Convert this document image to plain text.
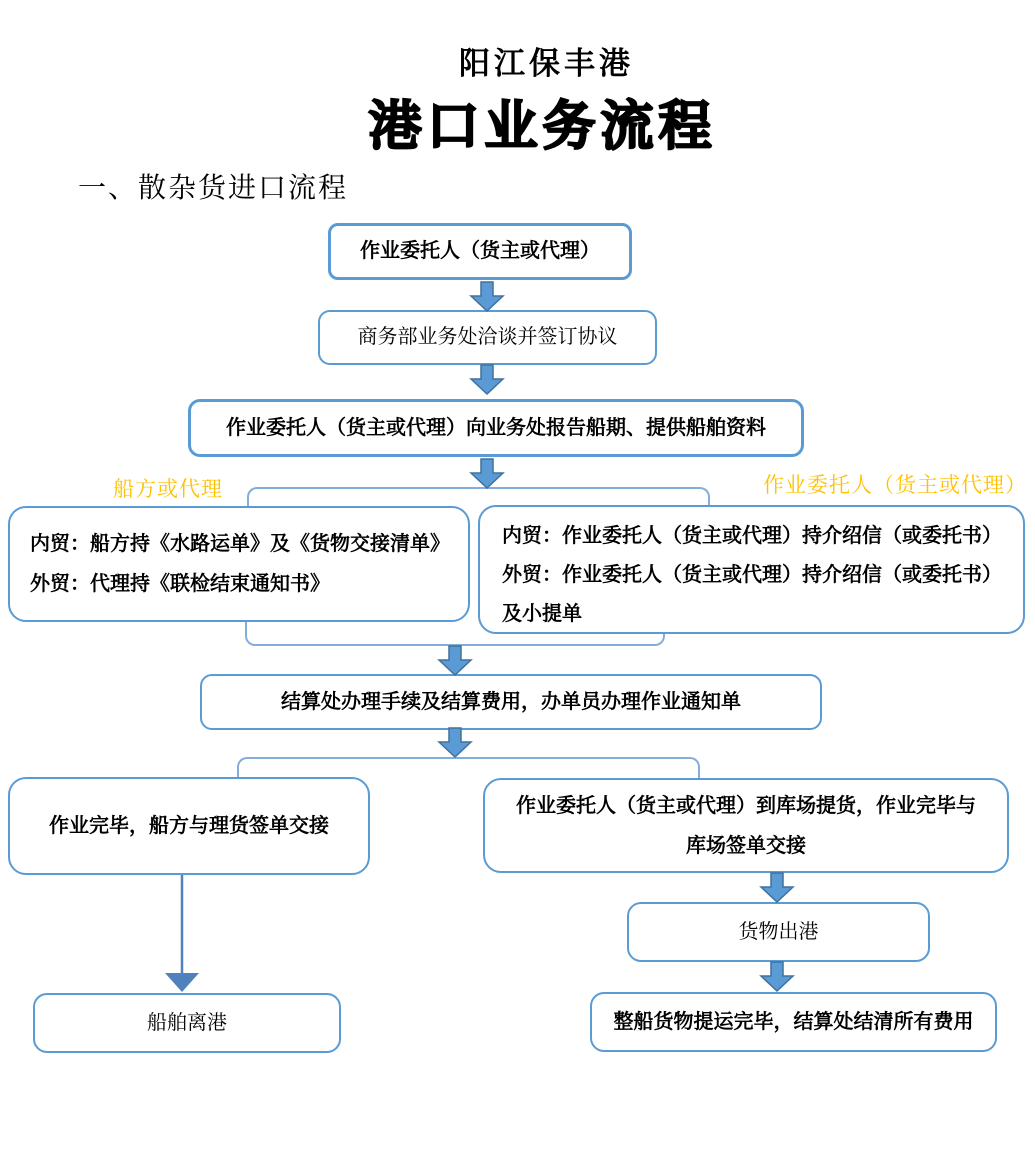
阳江保丰港
港口业务流程
一、散杂货进口流程
船方或代理	作业委托人（货主或代理）
作业委托人（货主或代理）
商务部业务处洽谈并签订协议
作业委托人（货主或代理）向业务处报告船期、提供船舶资料
内贸：船方持《水路运单》及《货物交接清单》
外贸：代理持《联检结束通知书》
内贸：作业委托人（货主或代理）持介绍信（或委托书）
外贸：作业委托人（货主或代理）持介绍信（或委托书）
及小提单
结算处办理手续及结算费用，办单员办理作业通知单
作业完毕，船方与理货签单交接
作业委托人（货主或代理）到库场提货，作业完毕与库场签单交接
货物出港
船舶离港	整船货物提运完毕，结算处结清所有费用
